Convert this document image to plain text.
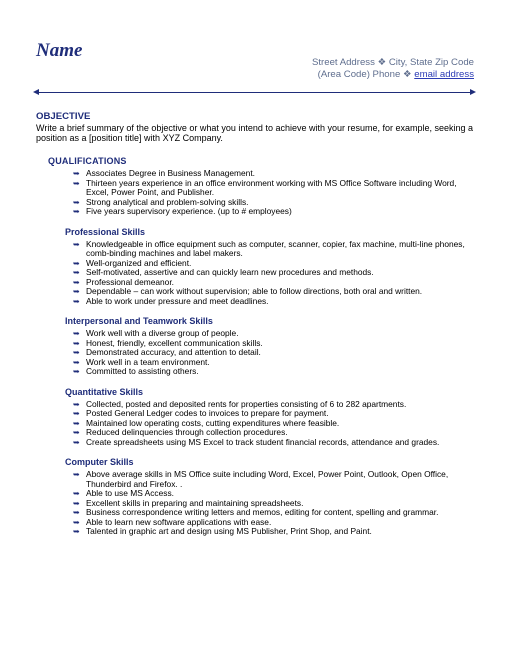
Name
Street Address ❖ City, State Zip Code
(Area Code) Phone ❖ email address
OBJECTIVE
Write a brief summary of the objective or what you intend to achieve with your resume, for example, seeking a position as a [position title] with XYZ Company.
QUALIFICATIONS
➥ Associates Degree in Business Management.
➥ Thirteen years experience in an office environment working with MS Office Software including Word, Excel, Power Point, and Publisher.
➥ Strong analytical and problem-solving skills.
➥ Five years supervisory experience. (up to # employees)
Professional Skills
➥ Knowledgeable in office equipment such as computer, scanner, copier, fax machine, multi-line phones, comb-binding machines and label makers.
➥ Well-organized and efficient.
➥ Self-motivated, assertive and can quickly learn new procedures and methods.
➥ Professional demeanor.
➥ Dependable – can work without supervision; able to follow directions, both oral and written.
➥ Able to work under pressure and meet deadlines.
Interpersonal and Teamwork Skills
➥ Work well with a diverse group of people.
➥ Honest, friendly, excellent communication skills.
➥ Demonstrated accuracy, and attention to detail.
➥ Work well in a team environment.
➥ Committed to assisting others.
Quantitative Skills
➥ Collected, posted and deposited rents for properties consisting of 6 to 282 apartments.
➥ Posted General Ledger codes to invoices to prepare for payment.
➥ Maintained low operating costs, cutting expenditures where feasible.
➥ Reduced delinquencies through collection procedures.
➥ Create spreadsheets using MS Excel to track student financial records, attendance and grades.
Computer Skills
➥ Above average skills in MS Office suite including Word, Excel, Power Point, Outlook, Open Office, Thunderbird and Firefox. .
➥ Able to use MS Access.
➥ Excellent skills in preparing and maintaining spreadsheets.
➥ Business correspondence writing letters and memos, editing for content, spelling and grammar.
➥ Able to learn new software applications with ease.
➥ Talented in graphic art and design using MS Publisher, Print Shop, and Paint.
